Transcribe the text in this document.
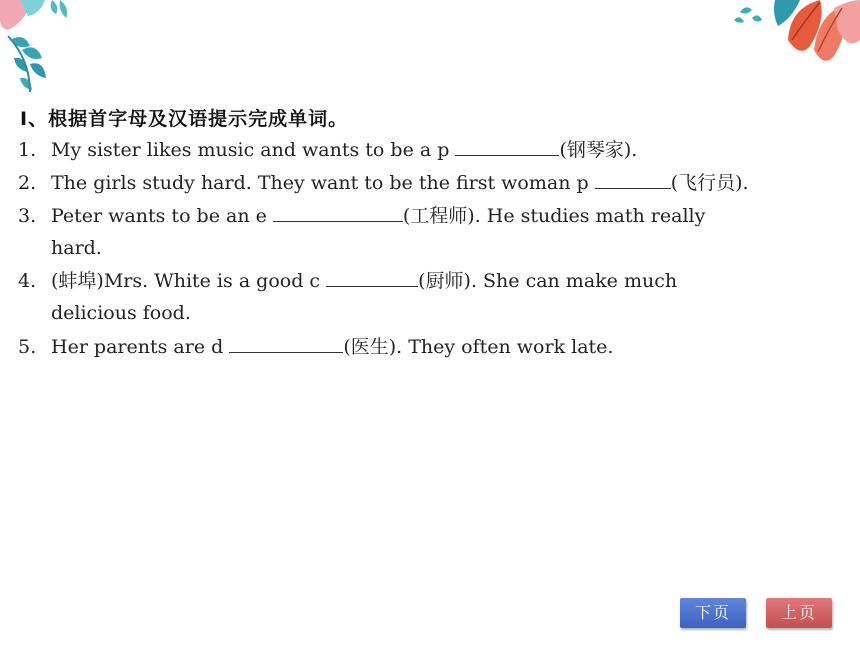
Ⅰ、根据首字母及汉语提示完成单词。
1. My sister likes music and wants to be a p	(钢琴家).
2. The girls study hard. They want to be the first woman p	(飞行员).
3. Peter wants to be an e	(工程师). He studies math really
hard.
4. (蚌埠)Mrs. White is a good c	(厨师). She can make much
delicious food.
5. Her parents are d	(医生). They often work late.
下页	上页
